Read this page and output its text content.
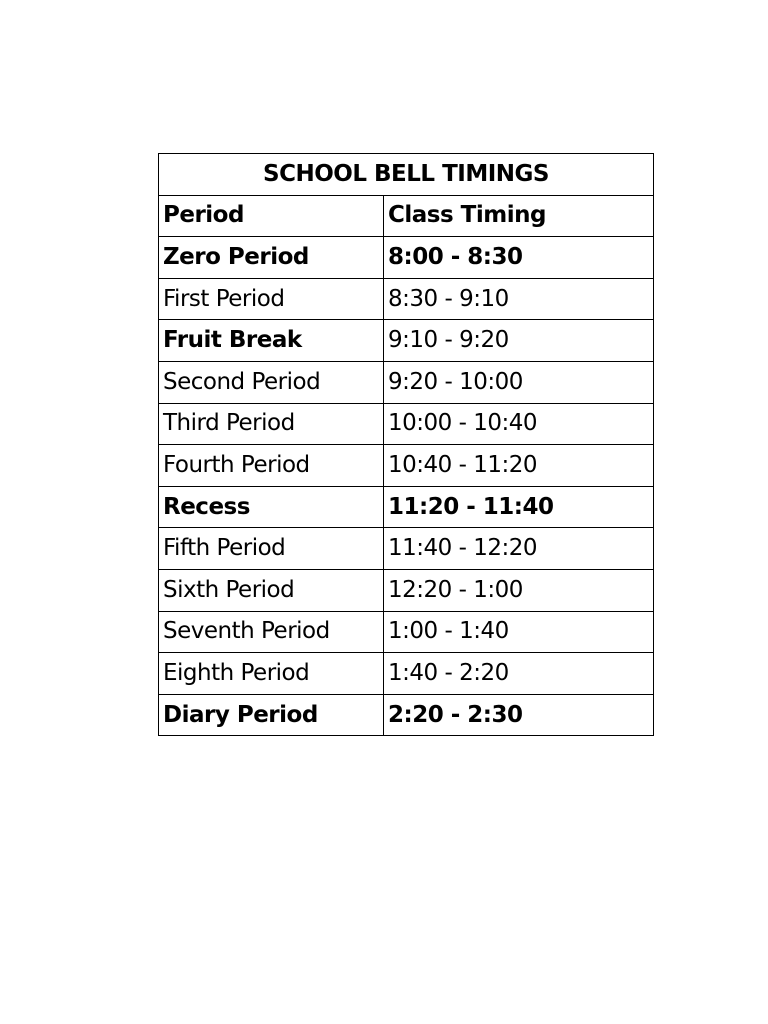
SCHOOL BELL TIMINGS	
Period	Class Timing
Zero Period	8:00 - 8:30
First Period	8:30 - 9:10
Fruit Break	9:10 - 9:20
Second Period	9:20 - 10:00
Third Period	10:00 - 10:40
Fourth Period	10:40 - 11:20
Recess	11:20 - 11:40
Fifth Period	11:40 - 12:20
Sixth Period	12:20 - 1:00
Seventh Period	1:00 - 1:40
Eighth Period	1:40 - 2:20
Diary Period	2:20 - 2:30
